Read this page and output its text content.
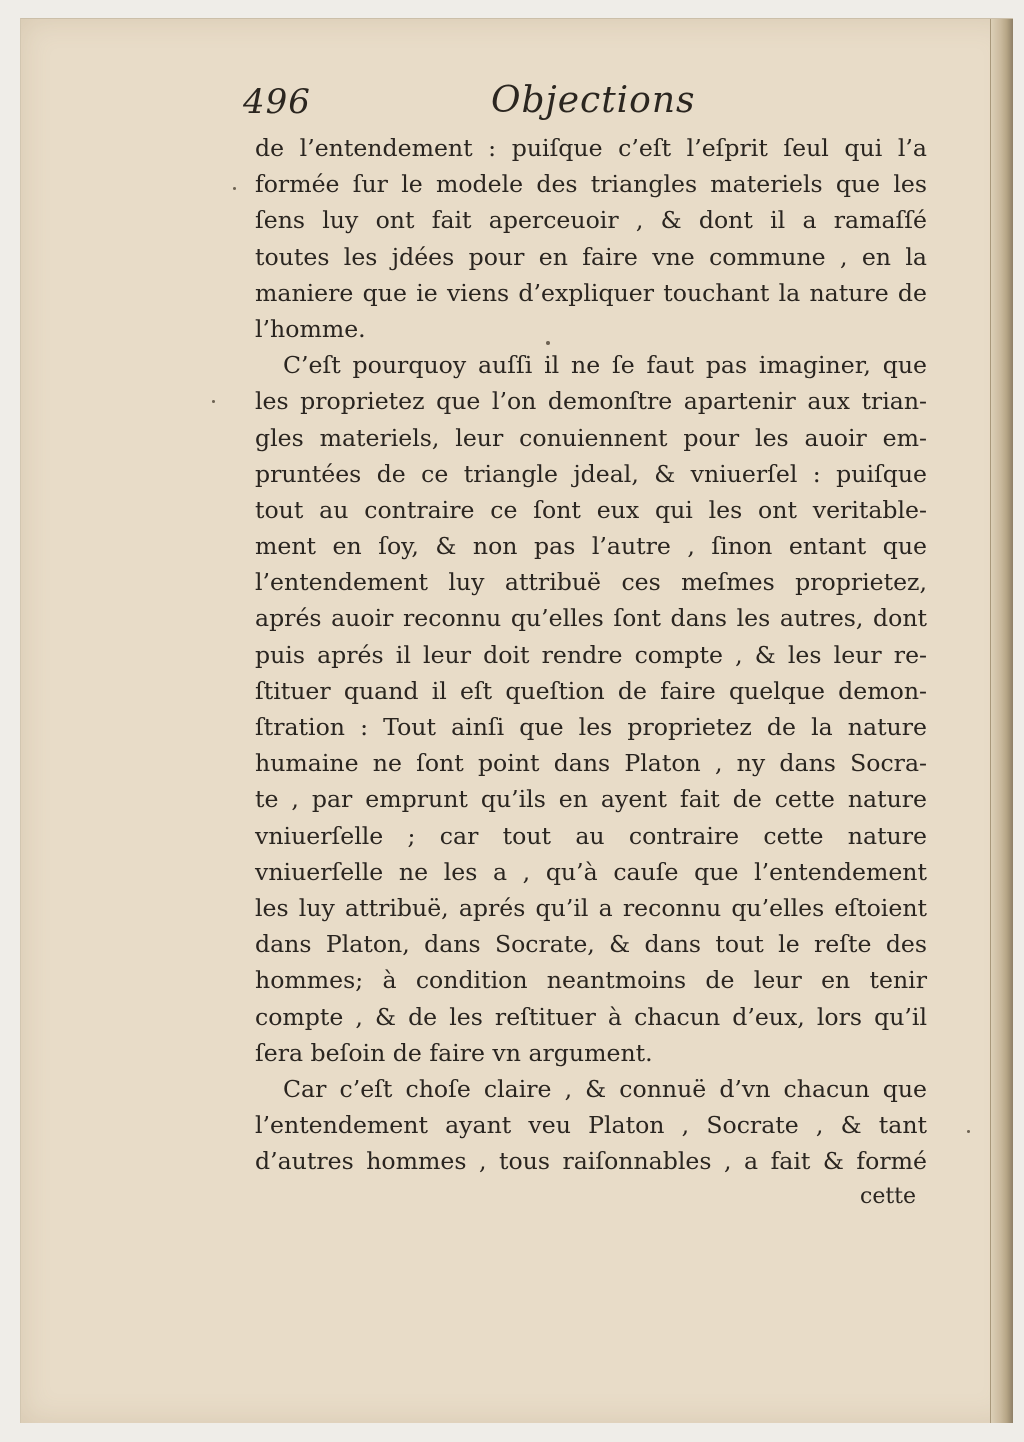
496	Objections
de l’entendement : puiſque c’eſt l’eſprit ſeul qui l’a
formée ſur le modele des triangles materiels que les
ſens luy ont fait aperceuoir , & dont il a ramaſſé
toutes les jdées pour en faire vne commune , en la
maniere que ie viens d’expliquer touchant la nature de
l’homme.
C’eſt pourquoy auſſi il ne ſe faut pas imaginer, que
les proprietez que l’on demonſtre apartenir aux trian-
gles materiels, leur conuiennent pour les auoir em-
pruntées de ce triangle jdeal, & vniuerſel : puiſque
tout au contraire ce ſont eux qui les ont veritable-
ment en ſoy, & non pas l’autre , ſinon entant que
l’entendement luy attribuë ces meſmes proprietez,
aprés auoir reconnu qu’elles ſont dans les autres, dont
puis aprés il leur doit rendre compte , & les leur re-
ſtituer quand il eſt queſtion de faire quelque demon-
ſtration : Tout ainſi que les proprietez de la nature
humaine ne ſont point dans Platon , ny dans Socra-
te , par emprunt qu’ils en ayent fait de cette nature
vniuerſelle ; car tout au contraire cette nature
vniuerſelle ne les a , qu’à cauſe que l’entendement
les luy attribuë, aprés qu’il a reconnu qu’elles eſtoient
dans Platon, dans Socrate, & dans tout le reſte des
hommes; à condition neantmoins de leur en tenir
compte , & de les reſtituer à chacun d’eux, lors qu’il
ſera beſoin de faire vn argument.
Car c’eſt choſe claire , & connuë d’vn chacun que
l’entendement ayant veu Platon , Socrate , & tant
d’autres hommes , tous raiſonnables , a fait & formé
cette
